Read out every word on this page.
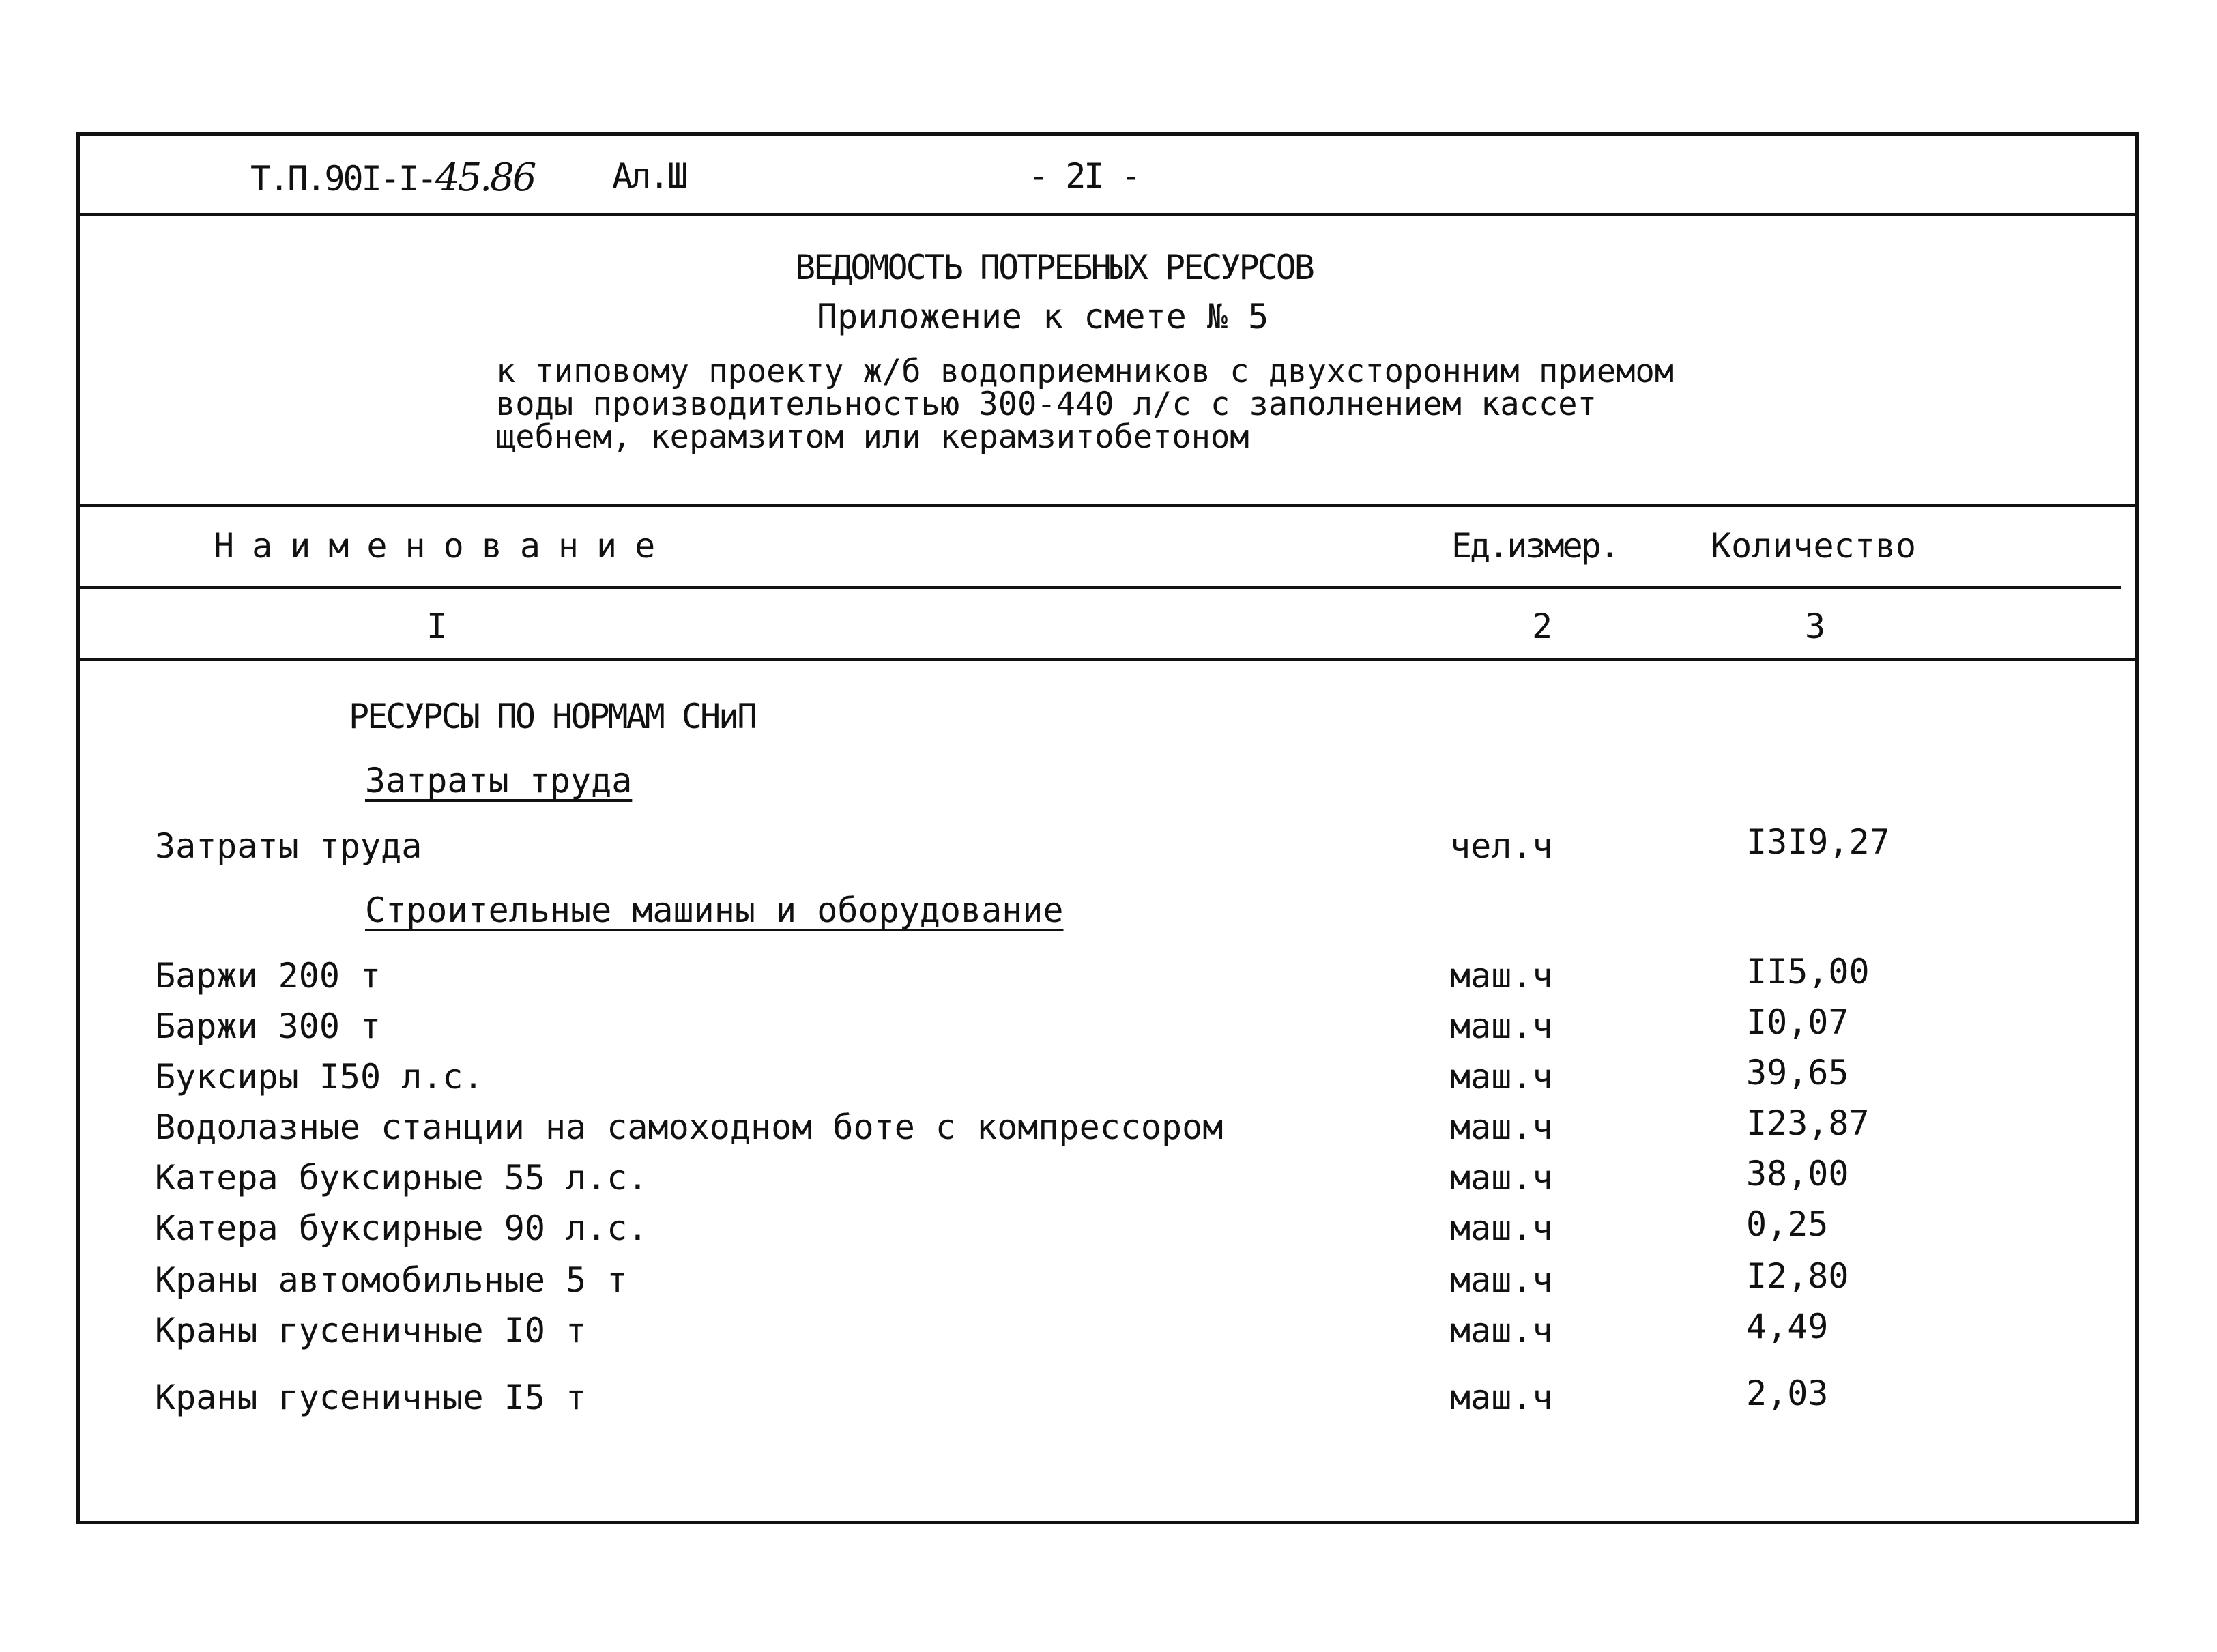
Т.П.90I-I-45.86 Ал.Ш	- 2I -
ВЕДОМОСТЬ ПОТРЕБНЫХ РЕСУРСОВ
Приложение к смете № 5
к типовому проекту ж/б водоприемников с двухсторонним приемом
воды производительностью 300-440 л/с с заполнением кассет
щебнем, керамзитом или керамзитобетоном
Наименование	Ед.измер.	Количество
I	2	3
РЕСУРСЫ ПО НОРМАМ СНиП
Затраты труда
Затраты труда	чел.ч	I3I9,27
Строительные машины и оборудование
Баржи 200 т	маш.ч	II5,00
Баржи 300 т	маш.ч	I0,07
Буксиры I50 л.с.	маш.ч	39,65
Водолазные станции на самоходном боте с компрессором	маш.ч	I23,87
Катера буксирные 55 л.с.	маш.ч	38,00
Катера буксирные 90 л.с.	маш.ч	0,25
Краны автомобильные 5 т	маш.ч	I2,80
Краны гусеничные I0 т	маш.ч	4,49
Краны гусеничные I5 т	маш.ч	2,03
